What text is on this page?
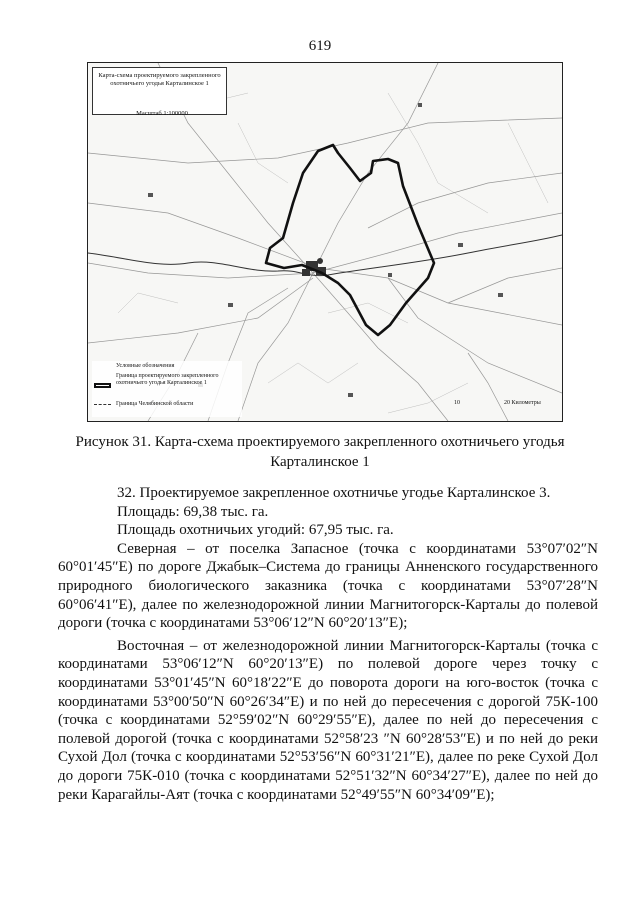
619
Карта-схема проектируемого закрепленного охотничьего угодья Карталинское 1
Масштаб 1:100000
Условные обозначения
Граница проектируемого закрепленного охотничьего угодья Карталинское 1
Граница Челябинской области	10	20 Километры
Рисунок 31. Карта-схема проектируемого закрепленного охотничьего угодья
Карталинское 1

32. Проектируемое закрепленное охотничье угодье Карталинское 3.

Площадь: 69,38 тыс. га.

Площадь охотничьих угодий: 67,95 тыс. га.

Северная – от поселка Запасное (точка с координатами 53°07′02″N 60°01′45″E) по дороге Джабык–Система до границы Анненского государственного природного биологического заказника (точка с координатами 53°07′28″N 60°06′41″E), далее по железнодорожной линии Магнитогорск-Карталы до полевой дороги (точка с координатами 53°06′12″N 60°20′13″E);

Восточная – от железнодорожной линии Магнитогорск-Карталы (точка с координатами 53°06′12″N 60°20′13″E) по полевой дороге через точку с координатами 53°01′45″N 60°18′22″E до поворота дороги на юго-восток (точка с координатами 53°00′50″N 60°26′34″E) и по ней до пересечения с дорогой 75К-100 (точка с координатами 52°59′02″N 60°29′55″E), далее по ней до пересечения с полевой дорогой (точка с координатами 52°58′23 ″N 60°28′53″E) и по ней до реки Сухой Дол (точка с координатами 52°53′56″N 60°31′21″E), далее по реке Сухой Дол до дороги 75К-010 (точка с координатами 52°51′32″N 60°34′27″E), далее по ней до реки Карагайлы-Аят (точка с координатами 52°49′55″N 60°34′09″E);
